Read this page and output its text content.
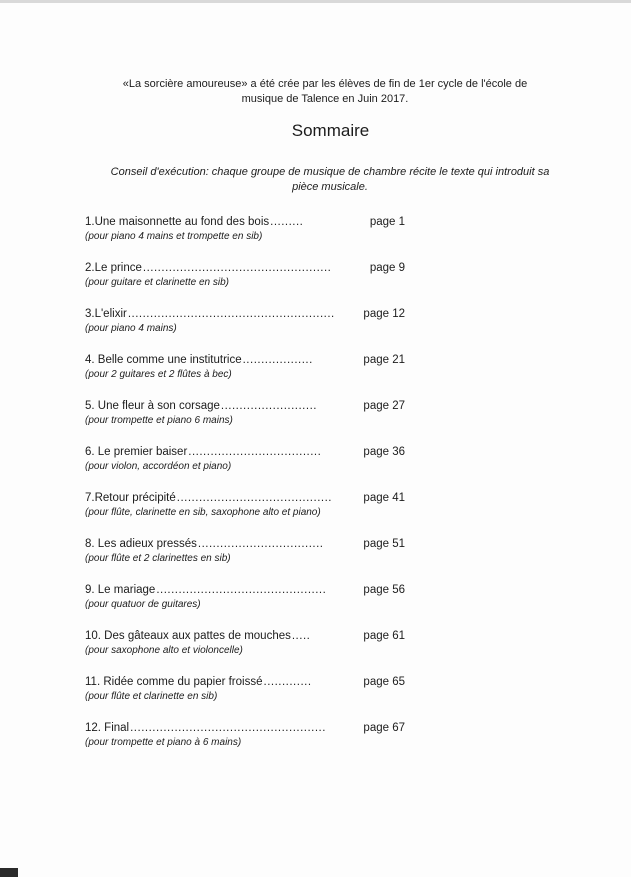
«La sorcière amoureuse» a été crée par les élèves de fin de 1er cycle de l'école de
musique de Talence en Juin 2017.
Sommaire
Conseil d'exécution: chaque groupe de musique de chambre récite le texte qui introduit sa
pièce musicale.
1.Une maisonnette au fond des bois .........	page 1
(pour piano 4 mains et trompette en sib)
2.Le prince ...................................................	page 9
(pour guitare et clarinette en sib)
3.L'elixir ........................................................	page 12
(pour piano 4 mains)
4. Belle comme une institutrice ...................	page 21
(pour 2 guitares et 2 flûtes à bec)
5. Une fleur à son corsage ..........................	page 27
(pour trompette et piano 6 mains)
6. Le premier baiser ....................................	page 36
(pour violon, accordéon et piano)
7.Retour précipité ..........................................	page 41
(pour flûte, clarinette en sib, saxophone alto et piano)
8. Les adieux pressés ..................................	page 51
(pour flûte et 2 clarinettes en sib)
9. Le mariage ..............................................	page 56
(pour quatuor de guitares)
10. Des gâteaux aux pattes de mouches .....	page 61
(pour saxophone alto et violoncelle)
11. Ridée comme du papier froissé .............	page 65
(pour flûte et clarinette en sib)
12. Final .....................................................	page 67
(pour trompette et piano à 6 mains)
